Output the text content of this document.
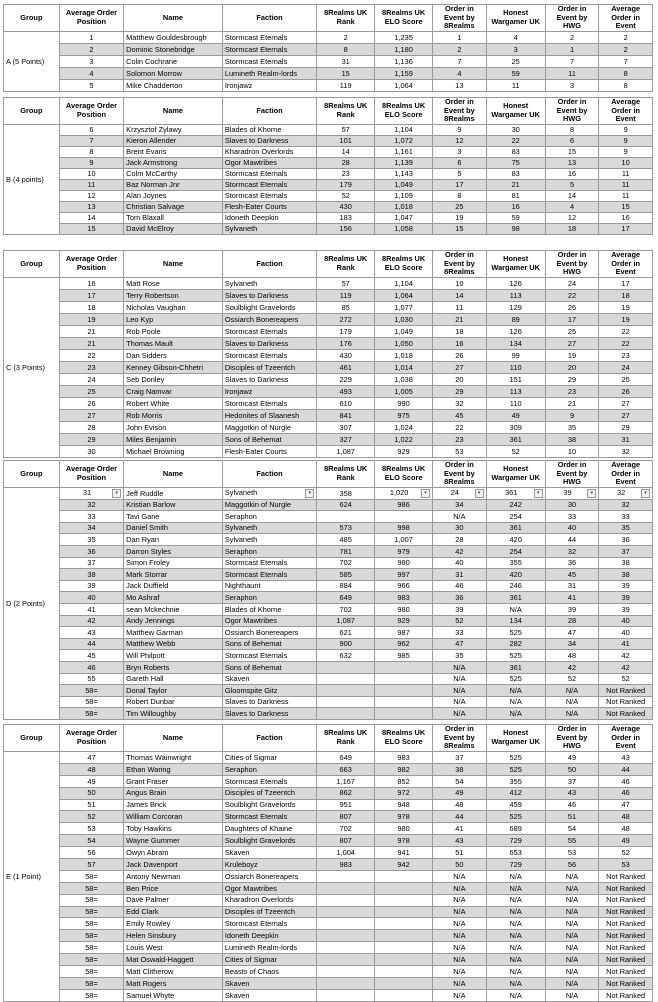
Group	Average Order Position	Name	Faction	8Realms UK Rank	8Realms UK ELO Score	Order in Event by 8Realms	Honest Wargamer UK	Order in Event by HWG	Average Order in Event
A (5 Points)	1	Matthew Gouldesbrough	Stormcast Eternals	2	1,235	1	4	2	2
	2	Dominic Stonebridge	Stormcast Eternals	8	1,180	2	3	1	2
	3	Colin Cochrane	Stormcast Eternals	31	1,136	7	25	7	7
	4	Solomon Morrow	Lumineth Realm-lords	15	1,159	4	59	11	8
	5	Mike Chadderton	Ironjawz	119	1,064	13	11	3	8
Group	Average Order Position	Name	Faction	8Realms UK Rank	8Realms UK ELO Score	Order in Event by 8Realms	Honest Wargamer UK	Order in Event by HWG	Average Order in Event
B (4 points)	6	Krzysztof Zylawy	Blades of Khorne	57	1,104	9	30	8	9
	7	Kieron Allender	Slaves to Darkness	101	1,072	12	22	6	9
	8	Brent Evans	Kharadron Overlords	14	1,161	3	83	15	9
	9	Jack Armstrong	Ogor Mawtribes	28	1,139	6	75	13	10
	10	Colm McCarthy	Stormcast Eternals	23	1,143	5	83	16	11
	11	Baz Norman Jnr	Stormcast Eternals	179	1,049	17	21	5	11
	12	Alan Joynes	Stormcast Eternals	52	1,109	8	81	14	11
	13	Christian Salvage	Flesh-Eater Courts	430	1,018	25	16	4	15
	14	Tom Blaxall	Idoneth Deepkin	183	1,047	19	59	12	16
	15	David McElroy	Sylvaneth	156	1,058	15	98	18	17
Group	Average Order Position	Name	Faction	8Realms UK Rank	8Realms UK ELO Score	Order in Event by 8Realms	Honest Wargamer UK	Order in Event by HWG	Average Order in Event
C (3 Points)	16	Matt Rose	Sylvaneth	57	1,104	10	126	24	17
	17	Terry Robertson	Slaves to Darkness	119	1,064	14	113	22	18
	18	Nicholas Vaughan	Soulblight Gravelords	85	1,077	11	129	26	19
	19	Leo Kyp	Ossiarch Bonereapers	272	1,030	21	89	17	19
	21	Rob Poole	Stormcast Eternals	179	1,049	18	126	25	22
	21	Thomas Mault	Slaves to Darkness	176	1,050	16	134	27	22
	22	Dan Sidders	Stormcast Eternals	430	1,018	26	99	19	23
	23	Kenney Gibson-Chhetri	Disciples of Tzeentch	461	1,014	27	110	20	24
	24	Seb Donley	Slaves to Darkness	229	1,038	20	151	29	25
	25	Craig Namvar	Ironjawz	493	1,005	29	113	23	26
	26	Robert White	Stormcast Eternals	610	990	32	110	21	27
	27	Rob Morris	Hedonites of Slaanesh	841	975	45	49	9	27
	28	John Evison	Maggotkin of Nurgle	307	1,024	22	309	35	29
	29	Miles Benjamin	Sons of Behemat	327	1,022	23	361	38	31
	30	Michael Browning	Flesh-Eater Courts	1,087	929	53	52	10	32
Group	Average Order Position	Name	Faction	8Realms UK Rank	8Realms UK ELO Score	Order in Event by 8Realms	Honest Wargamer UK	Order in Event by HWG	Average Order in Event
D (2 Points)	31 ▾	Jeff Ruddle	Sylvaneth ▾	358	1,020 ▾	24 ▾	361 ▾	39 ▾	32 ▾

	32	Kristian Barlow	Maggotkin of Nurgle	624	986	34	242	30	32
	33	Tavi Gane	Seraphon			N/A	254	33	33
	34	Daniel Smith	Sylvaneth	573	998	30	361	40	35
	35	Dan Ryan	Sylvaneth	485	1,007	28	420	44	36
	36	Darron Styles	Seraphon	781	979	42	254	32	37
	37	Simon Froley	Stormcast Eternals	702	980	40	355	36	38
	38	Mark Storrar	Stormcast Eternals	585	997	31	420	45	38
	39	Jack Duffield	Nighthaunt	884	966	46	246	31	39
	40	Mo Ashraf	Seraphon	649	983	36	361	41	39
	41	sean Mckechnie	Blades of Khorne	702	980	39	N/A	39	39
	42	Andy Jennings	Ogor Mawtribes	1,087	929	52	134	28	40
	43	Matthew Garman	Ossiarch Bonereapers	621	987	33	525	47	40
	44	Matthew Webb	Sons of Behemat	900	962	47	282	34	41
	45	Will Philpott	Stormcast Eternals	632	985	35	525	48	42
	46	Bryn Roberts	Sons of Behemat			N/A	361	42	42
	55	Gareth Hall	Skaven			N/A	525	52	52
	58=	Donal Taylor	Gloomspite Gitz			N/A	N/A	N/A	Not Ranked
	58=	Robert Dunbar	Slaves to Darkness			N/A	N/A	N/A	Not Ranked
	58=	Tim Willoughby	Slaves to Darkness			N/A	N/A	N/A	Not Ranked
Group	Average Order Position	Name	Faction	8Realms UK Rank	8Realms UK ELO Score	Order in Event by 8Realms	Honest Wargamer UK	Order in Event by HWG	Average Order in Event
E (1 Point)	47	Thomas Wainwright	Cities of Sigmar	649	983	37	525	49	43
	48	Ethan Waring	Seraphon	663	982	38	525	50	44
	49	Grant Fraser	Stormcast Eternals	1,167	852	54	355	37	46
	50	Angus Brain	Disciples of Tzeentch	862	972	49	412	43	46
	51	James Brick	Soulblight Gravelords	951	948	48	459	46	47
	52	William Corcoran	Stormcast Eternals	807	978	44	525	51	48
	53	Toby Hawkins	Daughters of Khaine	702	980	41	689	54	48
	54	Wayne Gummer	Soulblight Gravelords	807	978	43	729	55	49
	56	Owyn Abram	Skaven	1,004	941	51	653	53	52
	57	Jack Davenport	Kruleboyz	983	942	50	729	56	53
	58=	Antony Newman	Ossiarch Bonereapers			N/A	N/A	N/A	Not Ranked
	58=	Ben Price	Ogor Mawtribes			N/A	N/A	N/A	Not Ranked
	58=	Dave Palmer	Kharadron Overlords			N/A	N/A	N/A	Not Ranked
	58=	Edd Clark	Disciples of Tzeentch			N/A	N/A	N/A	Not Ranked
	58=	Emily Rowley	Stormcast Eternals			N/A	N/A	N/A	Not Ranked
	58=	Helen Sinsbury	Idoneth Deepkin			N/A	N/A	N/A	Not Ranked
	58=	Louis West	Lumineth Realm-lords			N/A	N/A	N/A	Not Ranked
	58=	Mat Oswald-Haggett	Cities of Sigmar			N/A	N/A	N/A	Not Ranked
	58=	Matt Clitherow	Beasts of Chaos			N/A	N/A	N/A	Not Ranked
	58=	Matt Rogers	Skaven			N/A	N/A	N/A	Not Ranked
	58=	Samuel Whyte	Skaven			N/A	N/A	N/A	Not Ranked
